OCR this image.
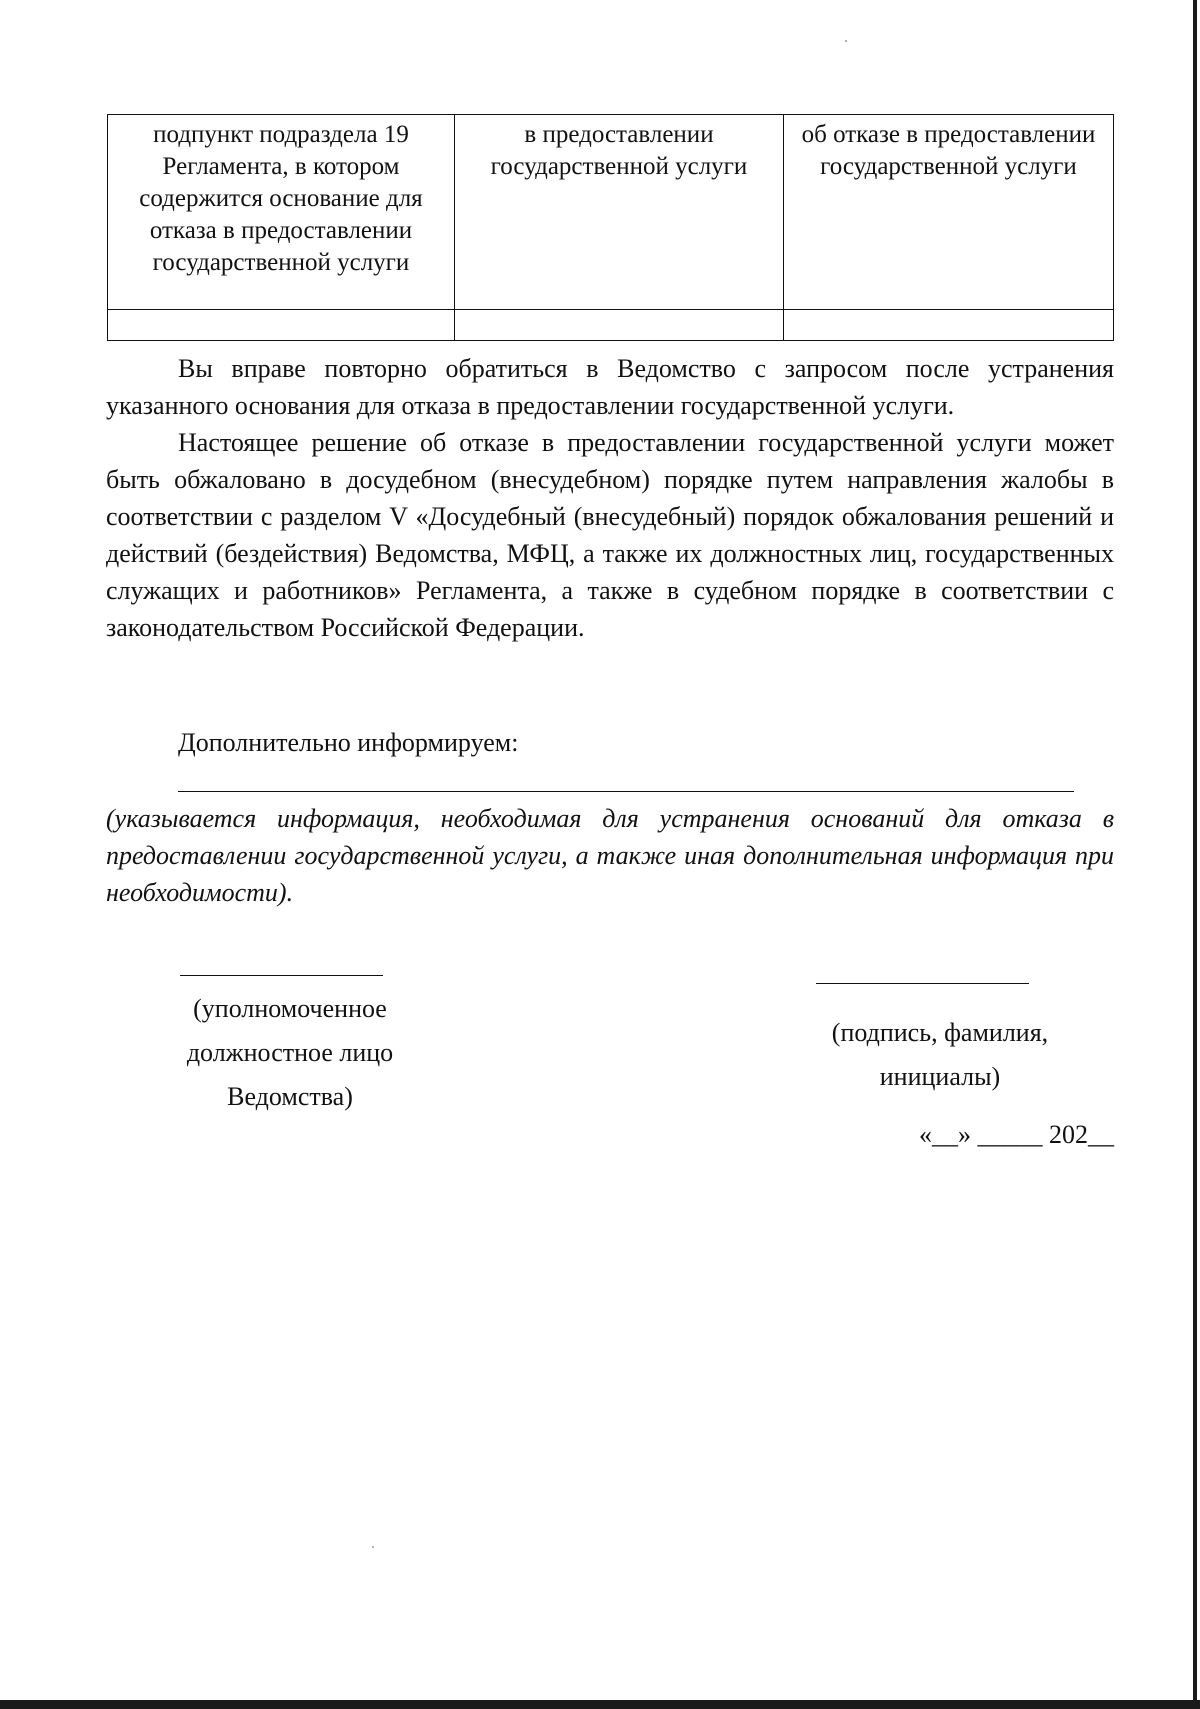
подпункт подраздела 19 Регламента, в котором содержится основание для отказа в предоставлении государственной услуги	в предоставлении государственной услуги	об отказе в предоставлении государственной услуги

Вы вправе повторно обратиться в Ведомство с запросом после устранения указанного основания для отказа в предоставлении государственной услуги.

Настоящее решение об отказе в предоставлении государственной услуги может быть обжаловано в досудебном (внесудебном) порядке путем направления жалобы в соответствии с разделом V «Досудебный (внесудебный) порядок обжалования решений и действий (бездействия) Ведомства, МФЦ, а также их должностных лиц, государственных служащих и работников» Регламента, а также в судебном порядке в соответствии с законодательством Российской Федерации.

Дополнительно информируем:

(указывается информация, необходимая для устранения оснований для отказа в предоставлении государственной услуги, а также иная дополнительная информация при необходимости).

(уполномоченное
должностное лицо
Ведомства)

(подпись, фамилия,
инициалы)

«__» _____ 202__
